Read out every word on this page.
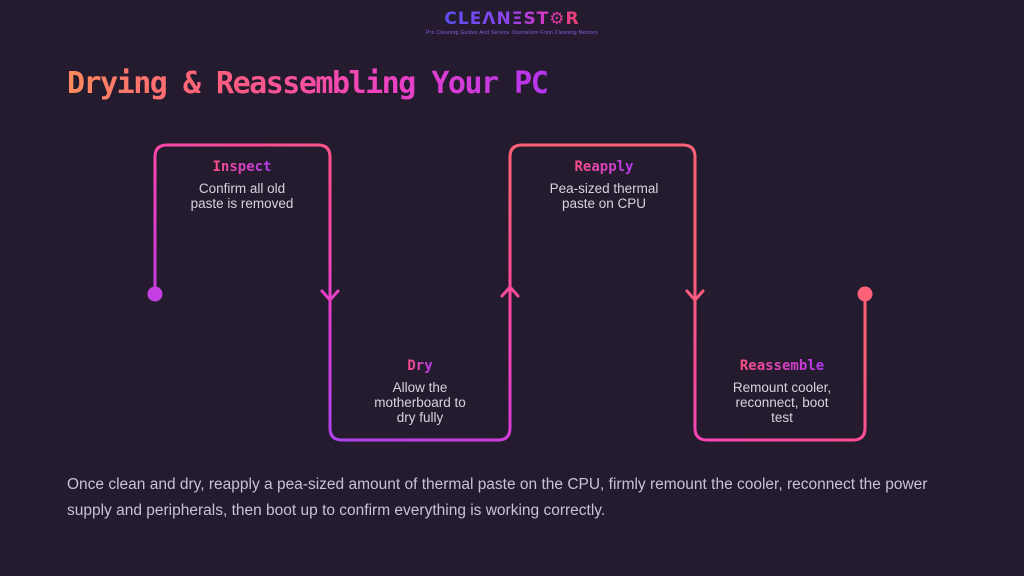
CLEΛNΞST⚙R
Pro Cleaning Guides And Service Journalism From Cleaning Nestors
Drying & Reassembling Your PC
Inspect
Confirm all old
paste is removed
Dry
Allow the
motherboard to
dry fully
Reapply
Pea-sized thermal
paste on CPU
Reassemble
Remount cooler,
reconnect, boot
test

Once clean and dry, reapply a pea-sized amount of thermal paste on the CPU, firmly remount the cooler, reconnect the power supply and peripherals, then boot up to confirm everything is working correctly.
